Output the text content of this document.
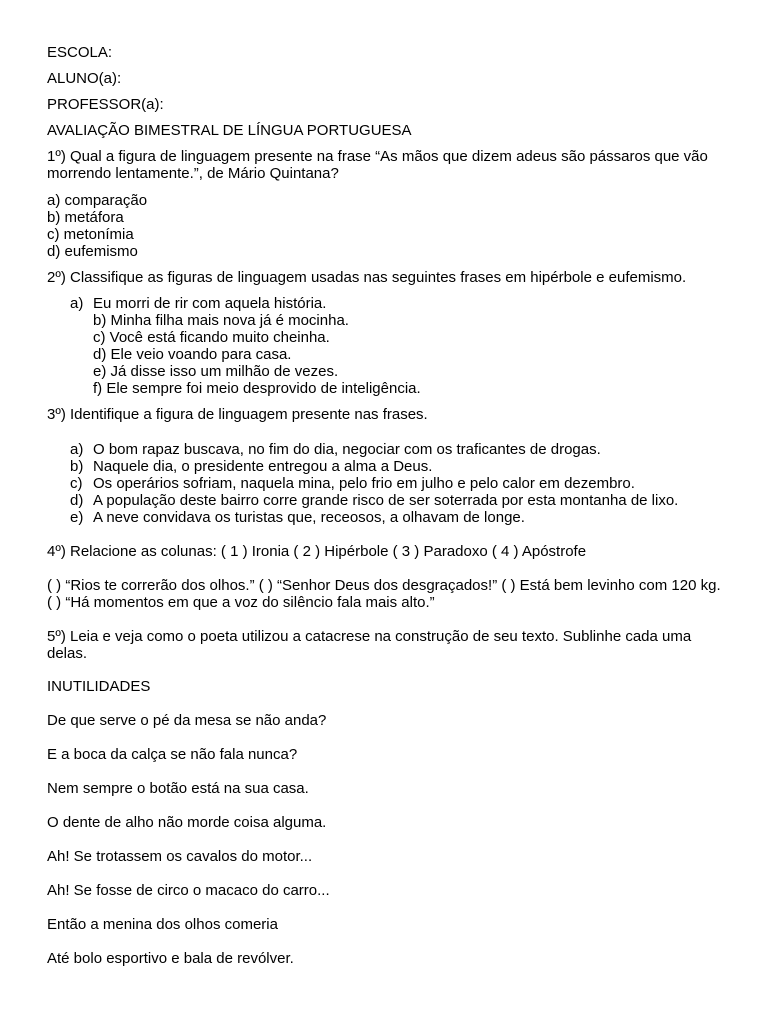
ESCOLA:
ALUNO(a):
PROFESSOR(a):
AVALIAÇÃO BIMESTRAL DE LÍNGUA PORTUGUESA

1º) Qual a figura de linguagem presente na frase “As mãos que dizem adeus são pássaros que vão morrendo lentamente.”, de Mário Quintana?

a) comparação
b) metáfora
c) metonímia
d) eufemismo

2º) Classifique as figuras de linguagem usadas nas seguintes frases em hipérbole e eufemismo.

a) Eu morri de rir com aquela história.
b) Minha filha mais nova já é mocinha.
c) Você está ficando muito cheinha.
d) Ele veio voando para casa.
e) Já disse isso um milhão de vezes.
f) Ele sempre foi meio desprovido de inteligência.

3º) Identifique a figura de linguagem presente nas frases.

a) O bom rapaz buscava, no fim do dia, negociar com os traficantes de drogas.
b) Naquele dia, o presidente entregou a alma a Deus.
c) Os operários sofriam, naquela mina, pelo frio em julho e pelo calor em dezembro.
d) A população deste bairro corre grande risco de ser soterrada por esta montanha de lixo.
e) A neve convidava os turistas que, receosos, a olhavam de longe.

4º) Relacione as colunas: ( 1 ) Ironia ( 2 ) Hipérbole ( 3 ) Paradoxo ( 4 ) Apóstrofe

( ) “Rios te correrão dos olhos.” ( ) “Senhor Deus dos desgraçados!” ( ) Está bem levinho com 120 kg. ( ) “Há momentos em que a voz do silêncio fala mais alto.”

5º) Leia e veja como o poeta utilizou a catacrese na construção de seu texto. Sublinhe cada uma delas.

INUTILIDADES
De que serve o pé da mesa se não anda?
E a boca da calça se não fala nunca?
Nem sempre o botão está na sua casa.
O dente de alho não morde coisa alguma.
Ah! Se trotassem os cavalos do motor...
Ah! Se fosse de circo o macaco do carro...
Então a menina dos olhos comeria
Até bolo esportivo e bala de revólver.
